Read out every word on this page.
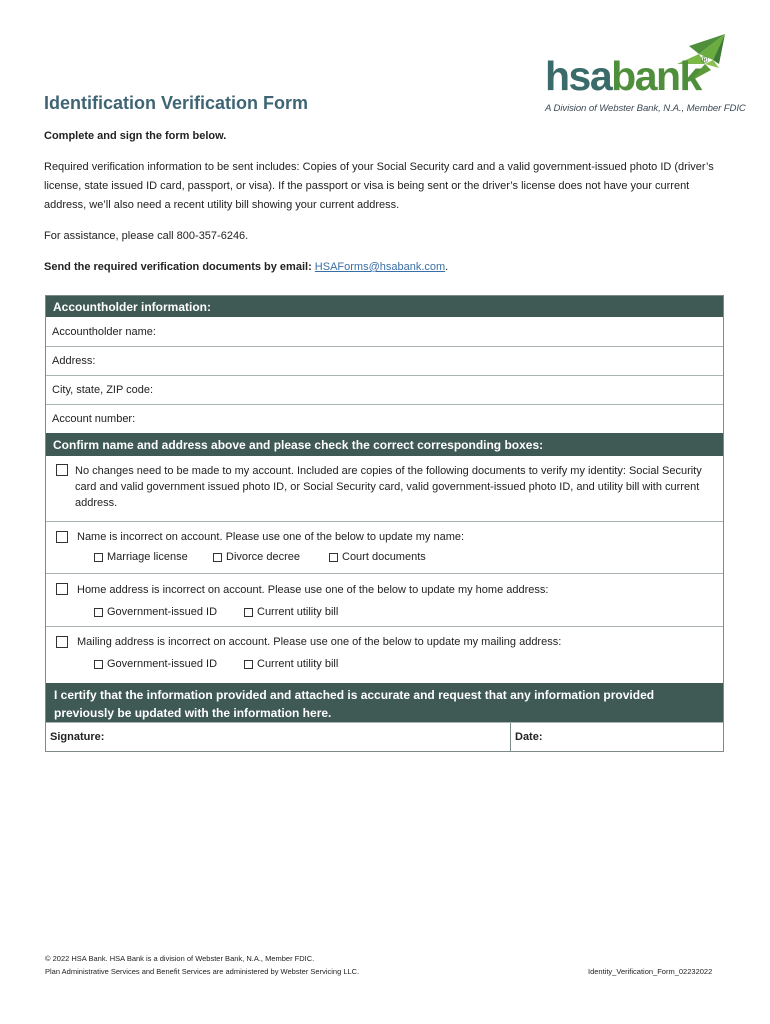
hsabank®
A Division of Webster Bank, N.A., Member FDIC
Identification Verification Form
Complete and sign the form below.
Required verification information to be sent includes: Copies of your Social Security card and a valid government-issued photo ID (driver’s license, state issued ID card, passport, or visa). If the passport or visa is being sent or the driver’s license does not have your current address, we’ll also need a recent utility bill showing your current address.
For assistance, please call 800-357-6246.
Send the required verification documents by email: HSAForms@hsabank.com.
Accountholder information:
Accountholder name:
Address:
City, state, ZIP code:
Account number:
Confirm name and address above and please check the correct corresponding boxes:
No changes need to be made to my account. Included are copies of the following documents to verify my identity: Social Security card and valid government issued photo ID, or Social Security card, valid government-issued photo ID, and utility bill with current address.
Name is incorrect on account. Please use one of the below to update my name:
Marriage license	Divorce decree	Court documents
Home address is incorrect on account. Please use one of the below to update my home address:
Government-issued ID	Current utility bill
Mailing address is incorrect on account. Please use one of the below to update my mailing address:
Government-issued ID	Current utility bill
I certify that the information provided and attached is accurate and request that any information provided previously be updated with the information here.
Signature:	Date:
© 2022 HSA Bank. HSA Bank is a division of Webster Bank, N.A., Member FDIC.
Plan Administrative Services and Benefit Services are administered by Webster Servicing LLC.	Identity_Verification_Form_02232022
